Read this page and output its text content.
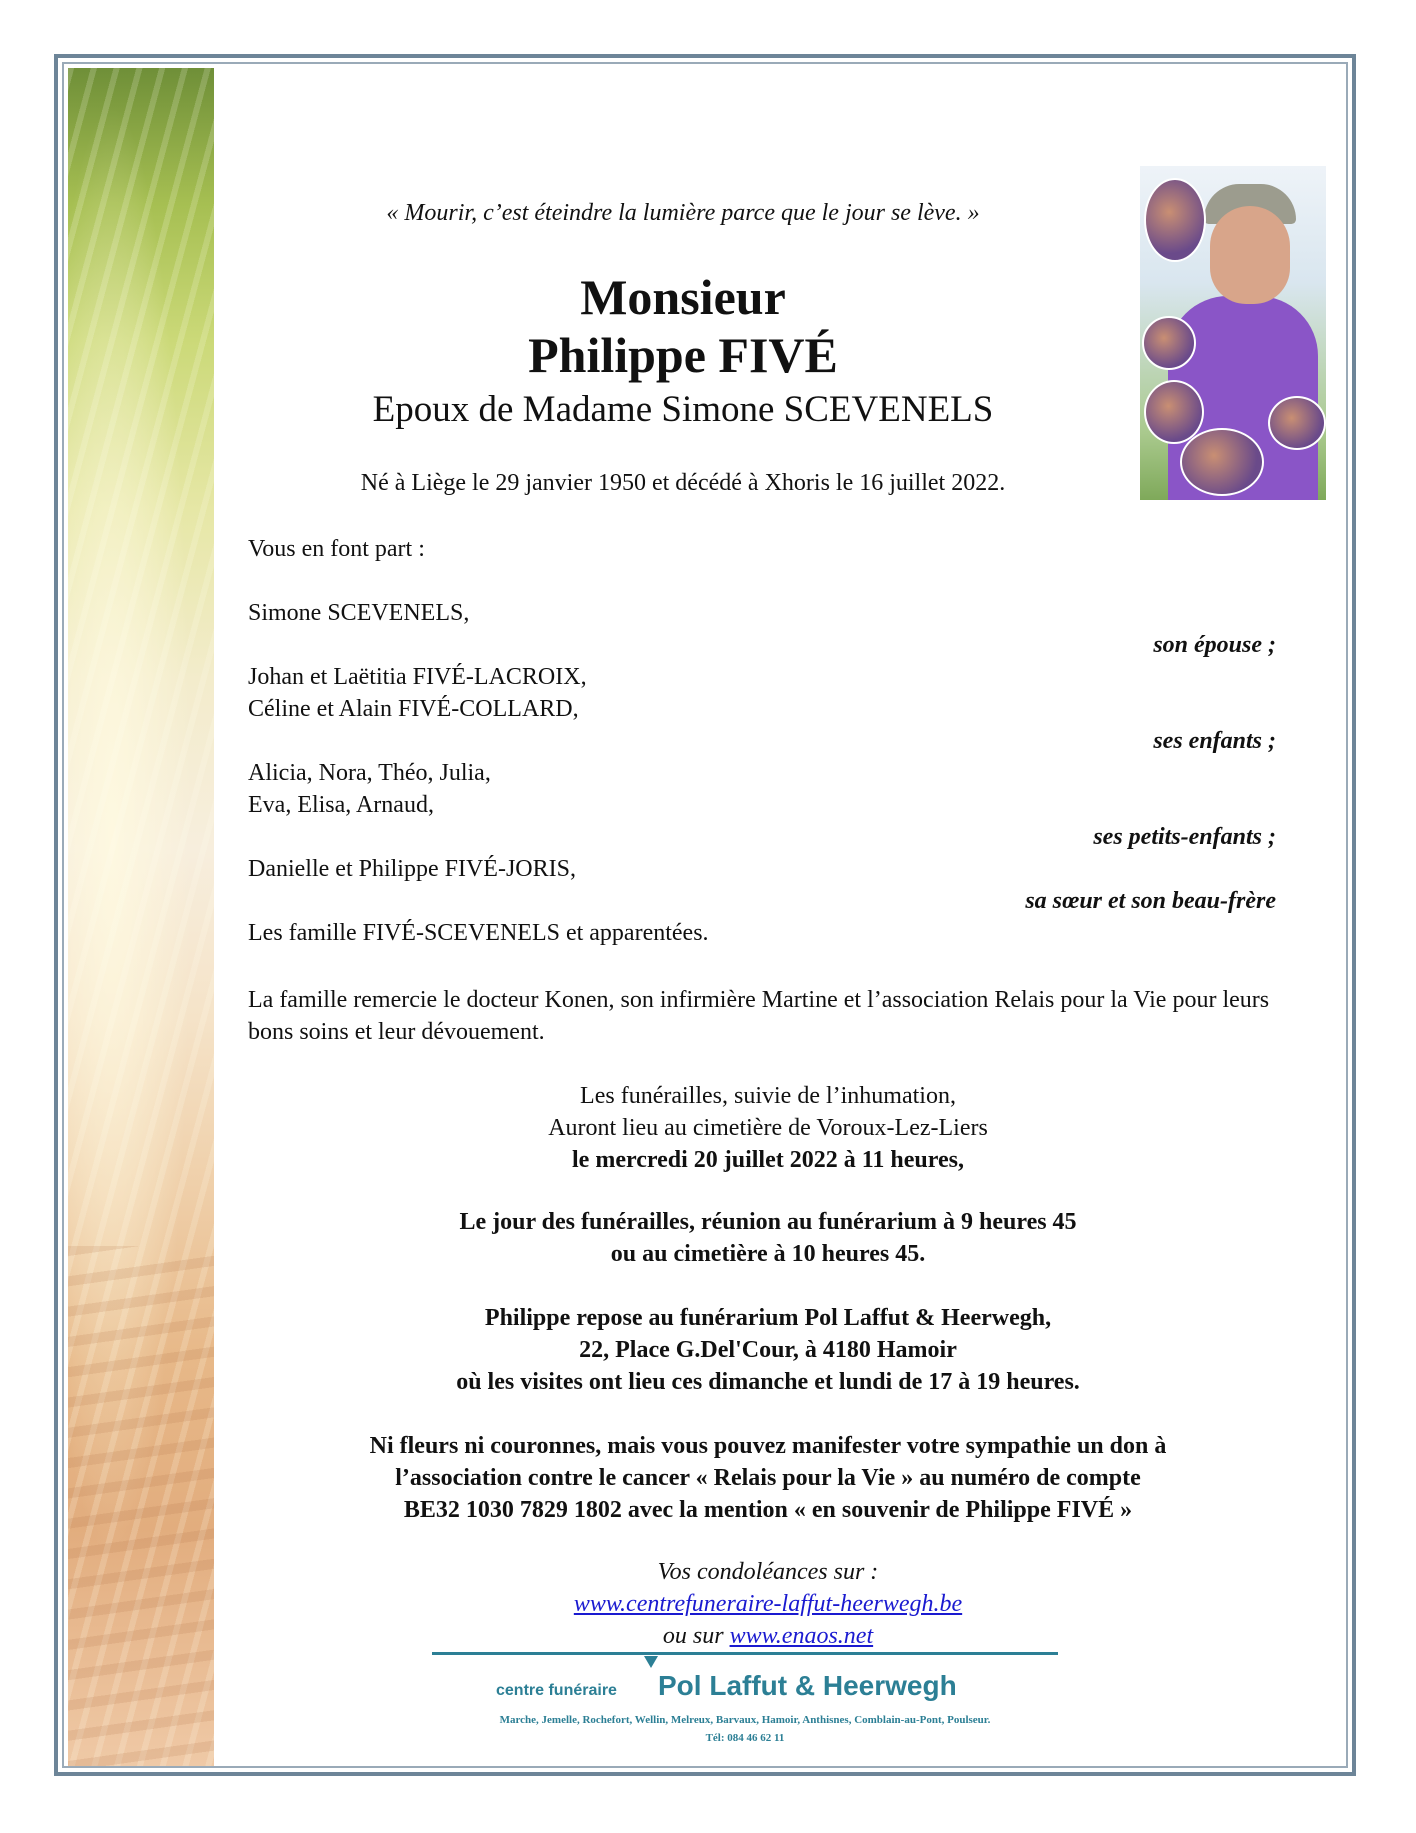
« Mourir, c’est éteindre la lumière parce que le jour se lève. »
Monsieur
Philippe FIVÉ
Epoux de Madame Simone SCEVENELS
Né à Liège le 29 janvier 1950 et décédé à Xhoris le 16 juillet 2022.
Vous en font part :
Simone SCEVENELS,
son épouse ;
Johan et Laëtitia FIVÉ-LACROIX,
Céline et Alain FIVÉ-COLLARD,
ses enfants ;
Alicia, Nora, Théo, Julia,
Eva, Elisa, Arnaud,
ses petits-enfants ;
Danielle et Philippe FIVÉ-JORIS,
sa sœur et son beau-frère
Les famille FIVÉ-SCEVENELS et apparentées.
La famille remercie le docteur Konen, son infirmière Martine et l’association Relais pour la Vie pour leurs bons soins et leur dévouement.
Les funérailles, suivie de l’inhumation,
Auront lieu au cimetière de Voroux-Lez-Liers
le mercredi 20 juillet 2022 à 11 heures,
Le jour des funérailles, réunion au funérarium à 9 heures 45
ou au cimetière à 10 heures 45.
Philippe repose au funérarium Pol Laffut & Heerwegh,
22, Place G.Del'Cour, à 4180 Hamoir
où les visites ont lieu ces dimanche et lundi de 17 à 19 heures.
Ni fleurs ni couronnes, mais vous pouvez manifester votre sympathie un don à
l’association contre le cancer « Relais pour la Vie » au numéro de compte
BE32 1030 7829 1802 avec la mention « en souvenir de Philippe FIVÉ »
Vos condoléances sur :
www.centrefuneraire-laffut-heerwegh.be
ou sur www.enaos.net
centre funéraire Pol Laffut & Heerwegh
Marche, Jemelle, Rochefort, Wellin, Melreux, Barvaux, Hamoir, Anthisnes, Comblain-au-Pont, Poulseur.
Tél: 084 46 62 11
